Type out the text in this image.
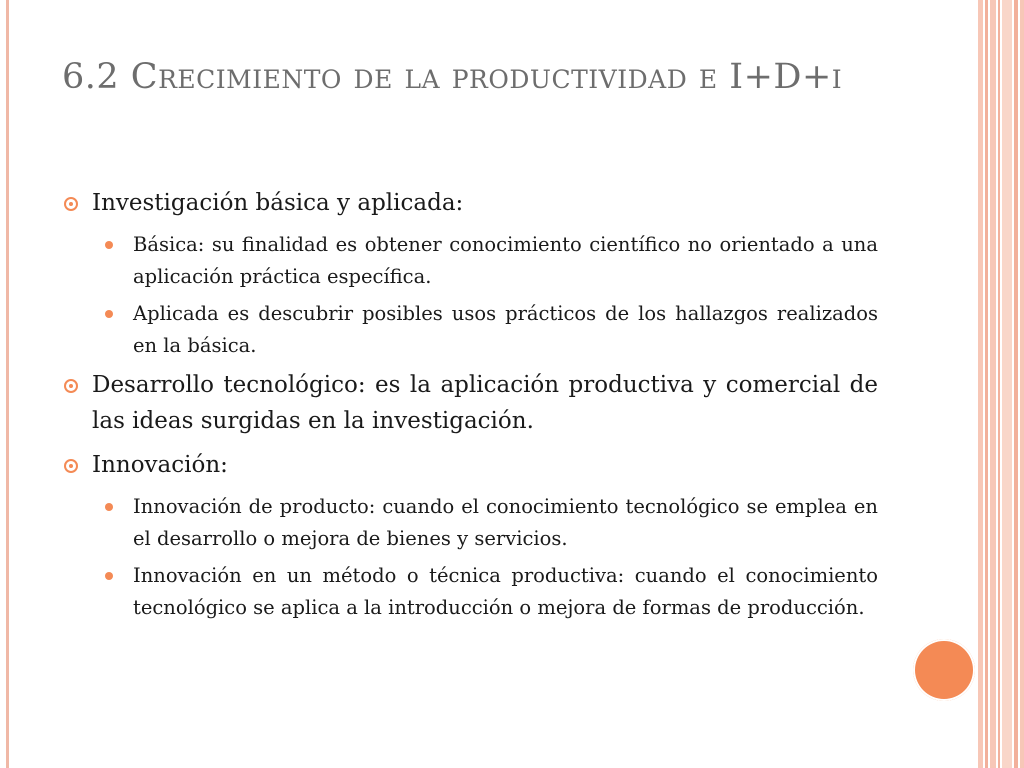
6.2 Crecimiento de la productividad e I+D+i
Investigación básica y aplicada:
Básica: su finalidad es obtener conocimiento científico no orientado a una aplicación práctica específica.
Aplicada es descubrir posibles usos prácticos de los hallazgos realizados en la básica.
Desarrollo tecnológico: es la aplicación productiva y comercial de las ideas surgidas en la investigación.
Innovación:
Innovación de producto: cuando el conocimiento tecnológico se emplea en el desarrollo o mejora de bienes y servicios.
Innovación en un método o técnica productiva: cuando el conocimiento tecnológico se aplica a la introducción o mejora de formas de producción.
